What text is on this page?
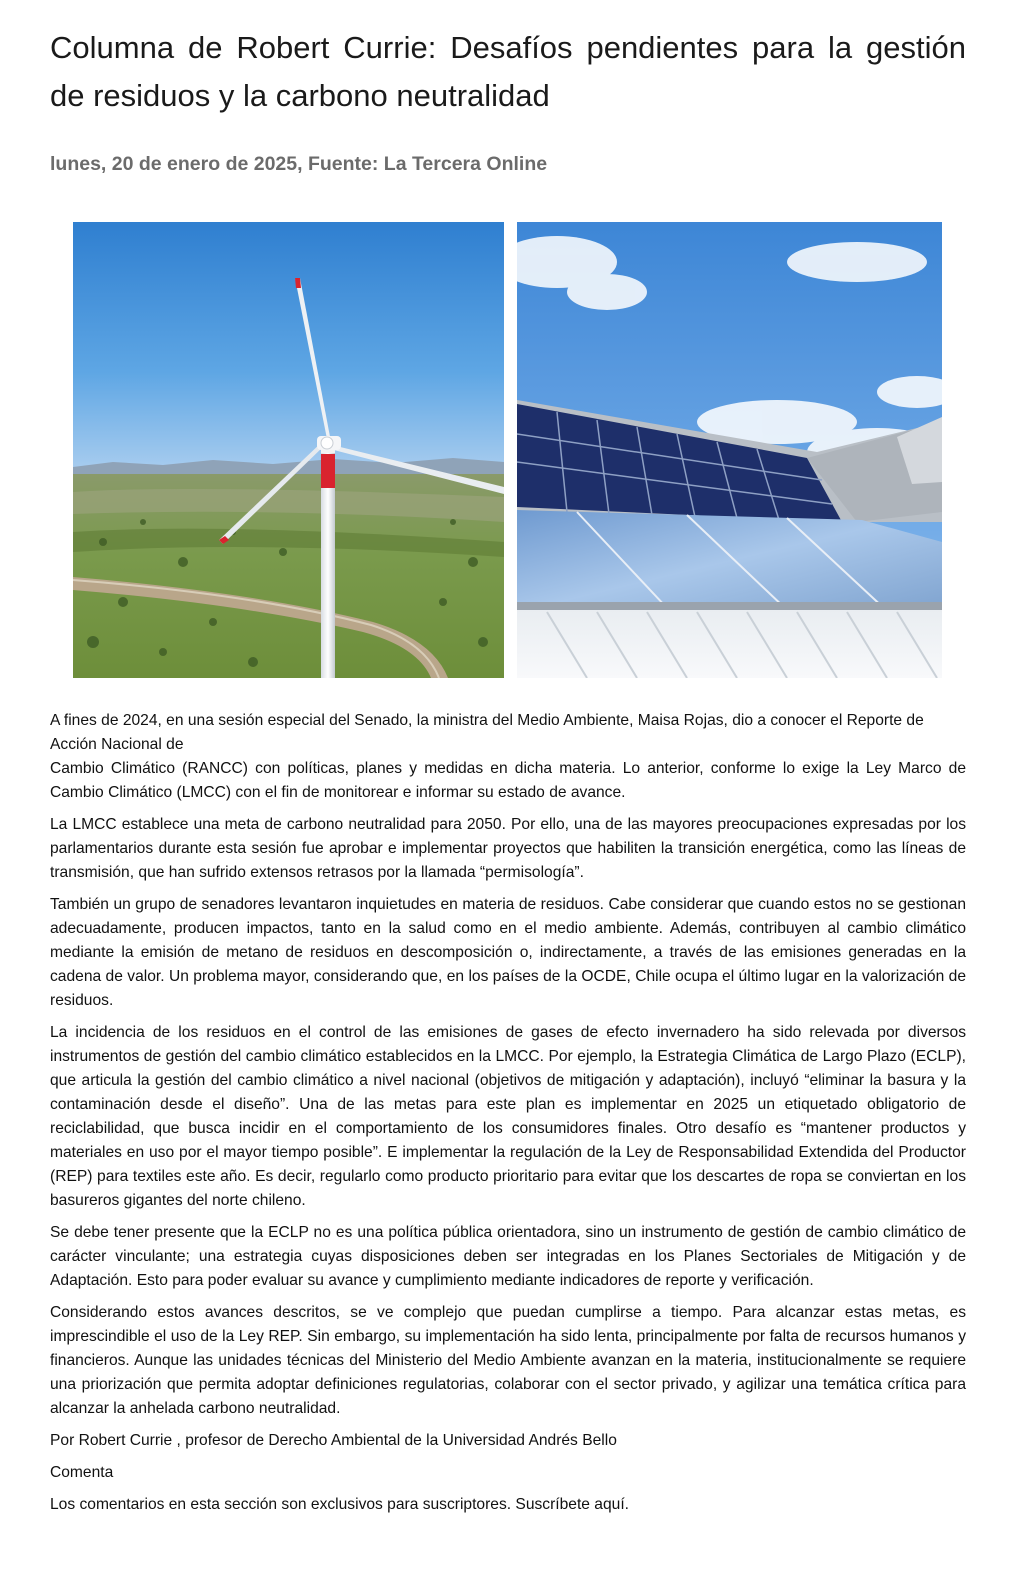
Columna de Robert Currie: Desafíos pendientes para la gestión de residuos y la carbono neutralidad
lunes, 20 de enero de 2025, Fuente: La Tercera Online

A fines de 2024, en una sesión especial del Senado, la ministra del Medio Ambiente, Maisa Rojas, dio a conocer el Reporte de Acción Nacional de

Cambio Climático (RANCC) con políticas, planes y medidas en dicha materia. Lo anterior, conforme lo exige la Ley Marco de Cambio Climático (LMCC) con el fin de monitorear e informar su estado de avance.

La LMCC establece una meta de carbono neutralidad para 2050. Por ello, una de las mayores preocupaciones expresadas por los parlamentarios durante esta sesión fue aprobar e implementar proyectos que habiliten la transición energética, como las líneas de transmisión, que han sufrido extensos retrasos por la llamada “permisología”.

También un grupo de senadores levantaron inquietudes en materia de residuos. Cabe considerar que cuando estos no se gestionan adecuadamente, producen impactos, tanto en la salud como en el medio ambiente. Además, contribuyen al cambio climático mediante la emisión de metano de residuos en descomposición o, indirectamente, a través de las emisiones generadas en la cadena de valor. Un problema mayor, considerando que, en los países de la OCDE, Chile ocupa el último lugar en la valorización de residuos.

La incidencia de los residuos en el control de las emisiones de gases de efecto invernadero ha sido relevada por diversos instrumentos de gestión del cambio climático establecidos en la LMCC. Por ejemplo, la Estrategia Climática de Largo Plazo (ECLP), que articula la gestión del cambio climático a nivel nacional (objetivos de mitigación y adaptación), incluyó “eliminar la basura y la contaminación desde el diseño”. Una de las metas para este plan es implementar en 2025 un etiquetado obligatorio de reciclabilidad, que busca incidir en el comportamiento de los consumidores finales. Otro desafío es “mantener productos y materiales en uso por el mayor tiempo posible”. E implementar la regulación de la Ley de Responsabilidad Extendida del Productor (REP) para textiles este año. Es decir, regularlo como producto prioritario para evitar que los descartes de ropa se conviertan en los basureros gigantes del norte chileno.

Se debe tener presente que la ECLP no es una política pública orientadora, sino un instrumento de gestión de cambio climático de carácter vinculante; una estrategia cuyas disposiciones deben ser integradas en los Planes Sectoriales de Mitigación y de Adaptación. Esto para poder evaluar su avance y cumplimiento mediante indicadores de reporte y verificación.

Considerando estos avances descritos, se ve complejo que puedan cumplirse a tiempo. Para alcanzar estas metas, es imprescindible el uso de la Ley REP. Sin embargo, su implementación ha sido lenta, principalmente por falta de recursos humanos y financieros. Aunque las unidades técnicas del Ministerio del Medio Ambiente avanzan en la materia, institucionalmente se requiere una priorización que permita adoptar definiciones regulatorias, colaborar con el sector privado, y agilizar una temática crítica para alcanzar la anhelada carbono neutralidad.

Por Robert Currie , profesor de Derecho Ambiental de la Universidad Andrés Bello

Comenta

Los comentarios en esta sección son exclusivos para suscriptores. Suscríbete aquí.
